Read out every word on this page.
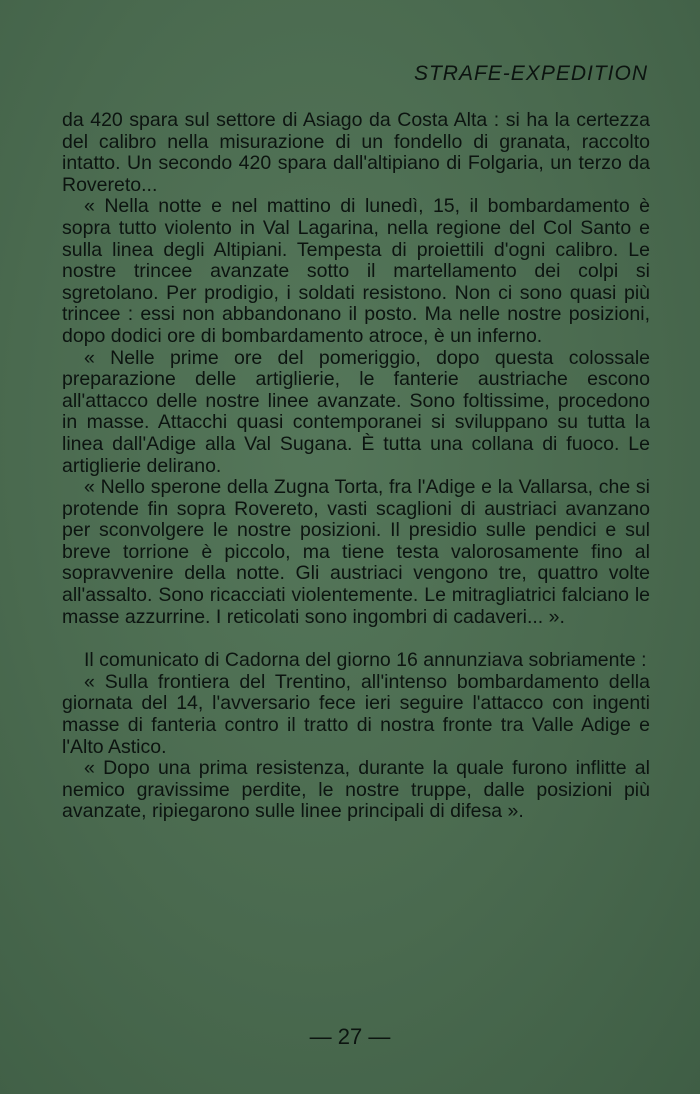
STRAFE-EXPEDITION

da 420 spara sul settore di Asiago da Costa Alta : si ha la certezza del calibro nella misurazione di un fondello di granata, raccolto intatto. Un secondo 420 spara dall'altipiano di Folgaria, un terzo da Rovereto...

« Nella notte e nel mattino di lunedì, 15, il bombardamento è sopra tutto violento in Val Lagarina, nella regione del Col Santo e sulla linea degli Altipiani. Tempesta di proiettili d'ogni calibro. Le nostre trincee avanzate sotto il martellamento dei colpi si sgretolano. Per prodigio, i soldati resistono. Non ci sono quasi più trincee : essi non abbandonano il posto. Ma nelle nostre posizioni, dopo dodici ore di bombardamento atroce, è un inferno.

« Nelle prime ore del pomeriggio, dopo questa colossale preparazione delle artiglierie, le fanterie austriache escono all'attacco delle nostre linee avanzate. Sono foltissime, procedono in masse. Attacchi quasi contemporanei si sviluppano su tutta la linea dall'Adige alla Val Sugana. È tutta una collana di fuoco. Le artiglierie delirano.

« Nello sperone della Zugna Torta, fra l'Adige e la Vallarsa, che si protende fin sopra Rovereto, vasti scaglioni di austriaci avanzano per sconvolgere le nostre posizioni. Il presidio sulle pendici e sul breve torrione è piccolo, ma tiene testa valorosamente fino al sopravvenire della notte. Gli austriaci vengono tre, quattro volte all'assalto. Sono ricacciati violentemente. Le mitragliatrici falciano le masse azzurrine. I reticolati sono ingombri di cadaveri... ».

Il comunicato di Cadorna del giorno 16 annunziava sobriamente :

« Sulla frontiera del Trentino, all'intenso bombardamento della giornata del 14, l'avversario fece ieri seguire l'attacco con ingenti masse di fanteria contro il tratto di nostra fronte tra Valle Adige e l'Alto Astico.

« Dopo una prima resistenza, durante la quale furono inflitte al nemico gravissime perdite, le nostre truppe, dalle posizioni più avanzate, ripiegarono sulle linee principali di difesa ».

— 27 —
